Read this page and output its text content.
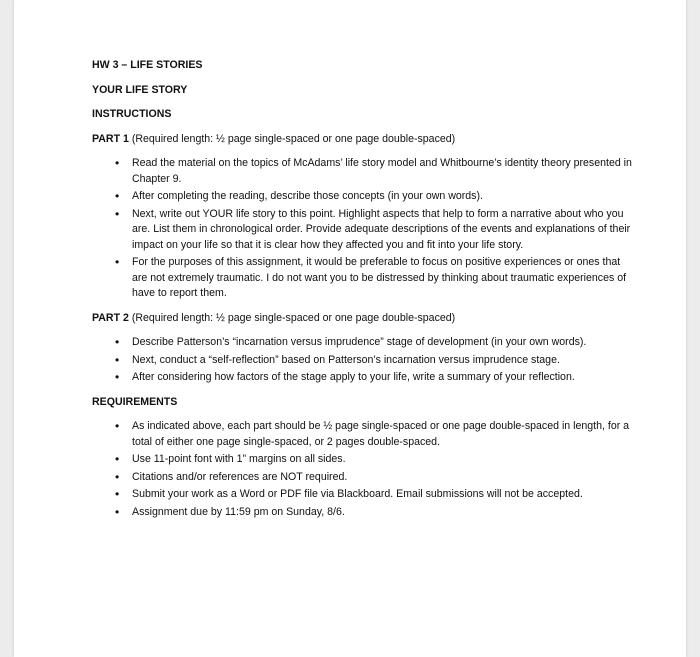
HW 3 – LIFE STORIES
YOUR LIFE STORY
INSTRUCTIONS
PART 1 (Required length: ½ page single-spaced or one page double-spaced)
• Read the material on the topics of McAdams’ life story model and Whitbourne’s identity theory presented in Chapter 9.
• After completing the reading, describe those concepts (in your own words).
• Next, write out YOUR life story to this point. Highlight aspects that help to form a narrative about who you are. List them in chronological order. Provide adequate descriptions of the events and explanations of their impact on your life so that it is clear how they affected you and fit into your life story.
• For the purposes of this assignment, it would be preferable to focus on positive experiences or ones that are not extremely traumatic. I do not want you to be distressed by thinking about traumatic experiences of have to report them.
PART 2 (Required length: ½ page single-spaced or one page double-spaced)
• Describe Patterson’s “incarnation versus imprudence” stage of development (in your own words).
• Next, conduct a “self-reflection” based on Patterson’s incarnation versus imprudence stage.
• After considering how factors of the stage apply to your life, write a summary of your reflection.
REQUIREMENTS
• As indicated above, each part should be ½ page single-spaced or one page double-spaced in length, for a total of either one page single-spaced, or 2 pages double-spaced.
• Use 11-point font with 1” margins on all sides.
• Citations and/or references are NOT required.
• Submit your work as a Word or PDF file via Blackboard. Email submissions will not be accepted.
• Assignment due by 11:59 pm on Sunday, 8/6.
